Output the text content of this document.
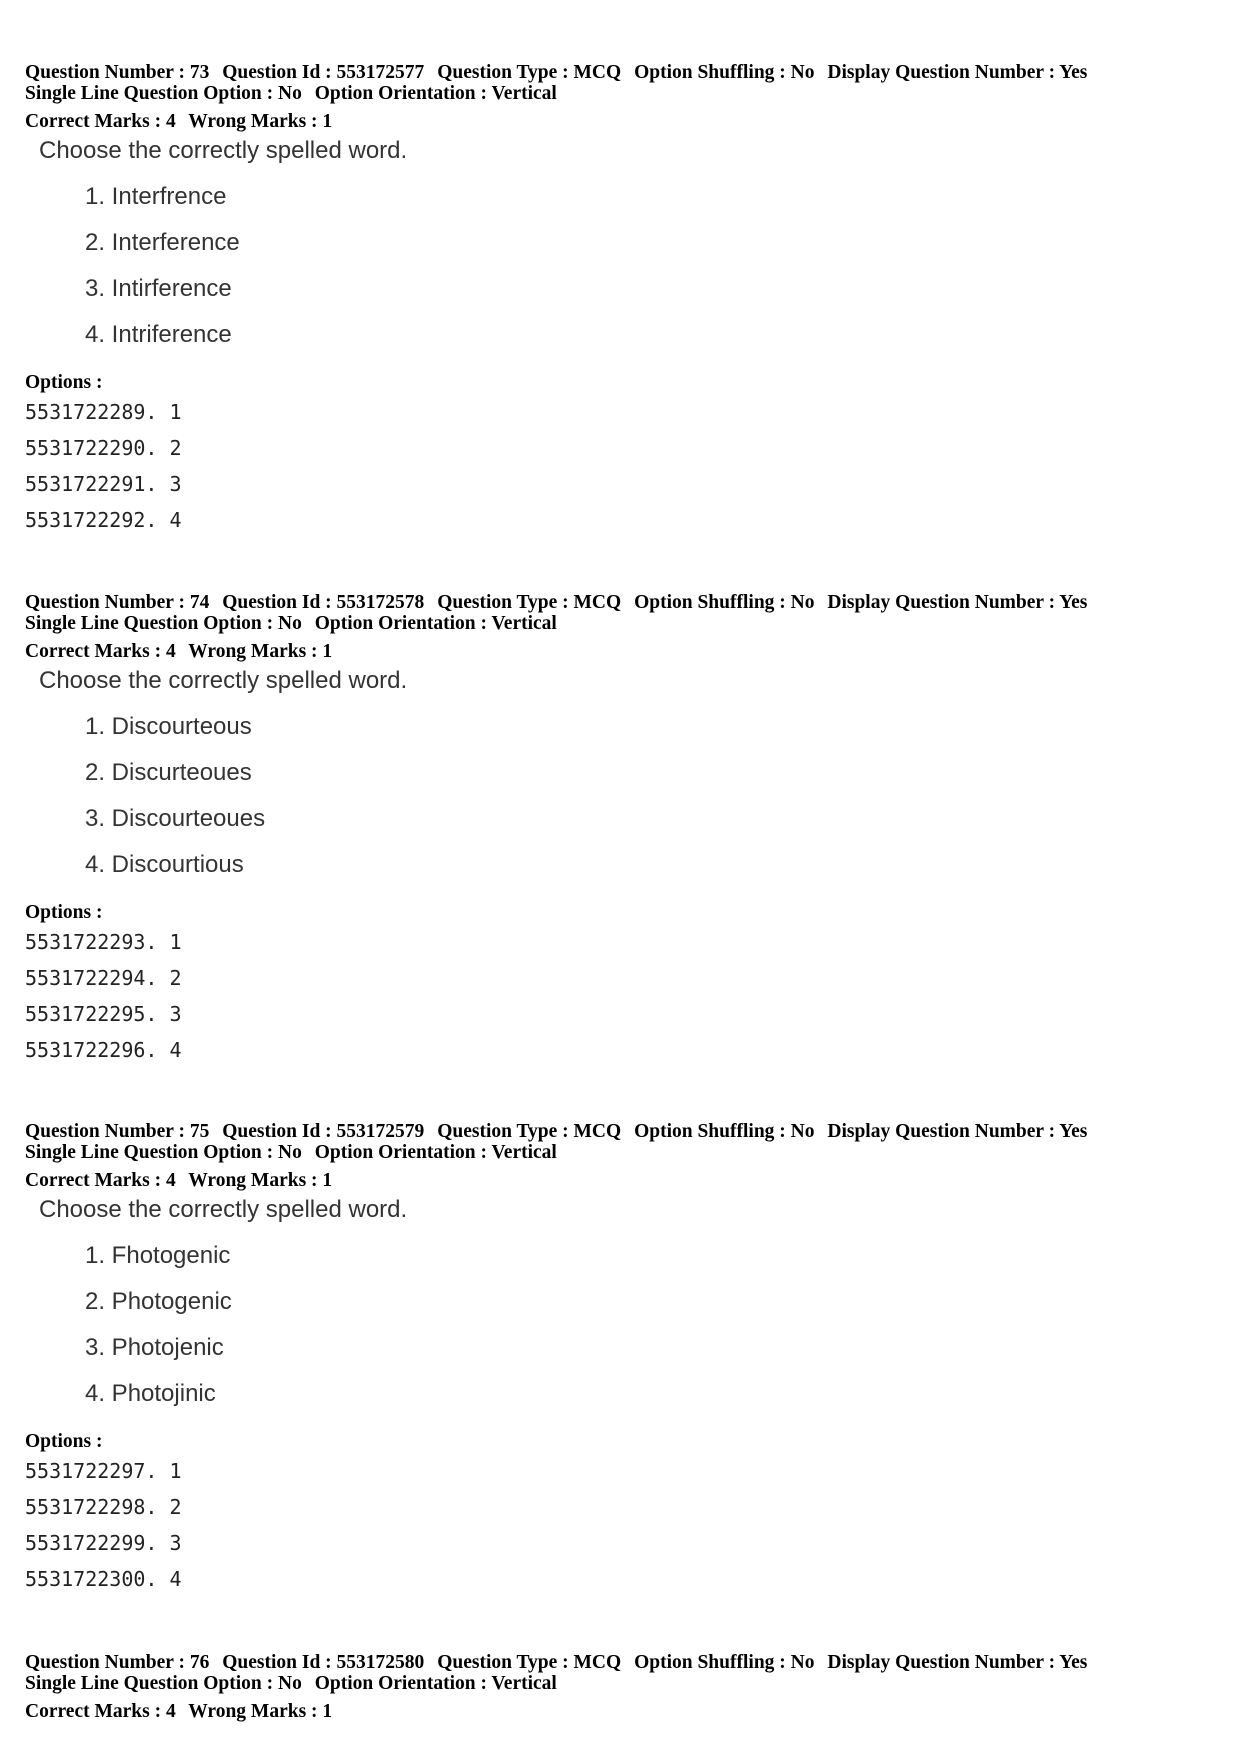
Question Number : 73 Question Id : 553172577 Question Type : MCQ Option Shuffling : No Display Question Number : Yes
Single Line Question Option : No Option Orientation : Vertical
Correct Marks : 4 Wrong Marks : 1
Choose the correctly spelled word.
1. Interfrence
2. Interference
3. Intirference
4. Intriference
Options :
5531722289. 1
5531722290. 2
5531722291. 3
5531722292. 4
Question Number : 74 Question Id : 553172578 Question Type : MCQ Option Shuffling : No Display Question Number : Yes
Single Line Question Option : No Option Orientation : Vertical
Correct Marks : 4 Wrong Marks : 1
Choose the correctly spelled word.
1. Discourteous
2. Discurteoues
3. Discourteoues
4. Discourtious
Options :
5531722293. 1
5531722294. 2
5531722295. 3
5531722296. 4
Question Number : 75 Question Id : 553172579 Question Type : MCQ Option Shuffling : No Display Question Number : Yes
Single Line Question Option : No Option Orientation : Vertical
Correct Marks : 4 Wrong Marks : 1
Choose the correctly spelled word.
1. Fhotogenic
2. Photogenic
3. Photojenic
4. Photojinic
Options :
5531722297. 1
5531722298. 2
5531722299. 3
5531722300. 4
Question Number : 76 Question Id : 553172580 Question Type : MCQ Option Shuffling : No Display Question Number : Yes
Single Line Question Option : No Option Orientation : Vertical
Correct Marks : 4 Wrong Marks : 1
